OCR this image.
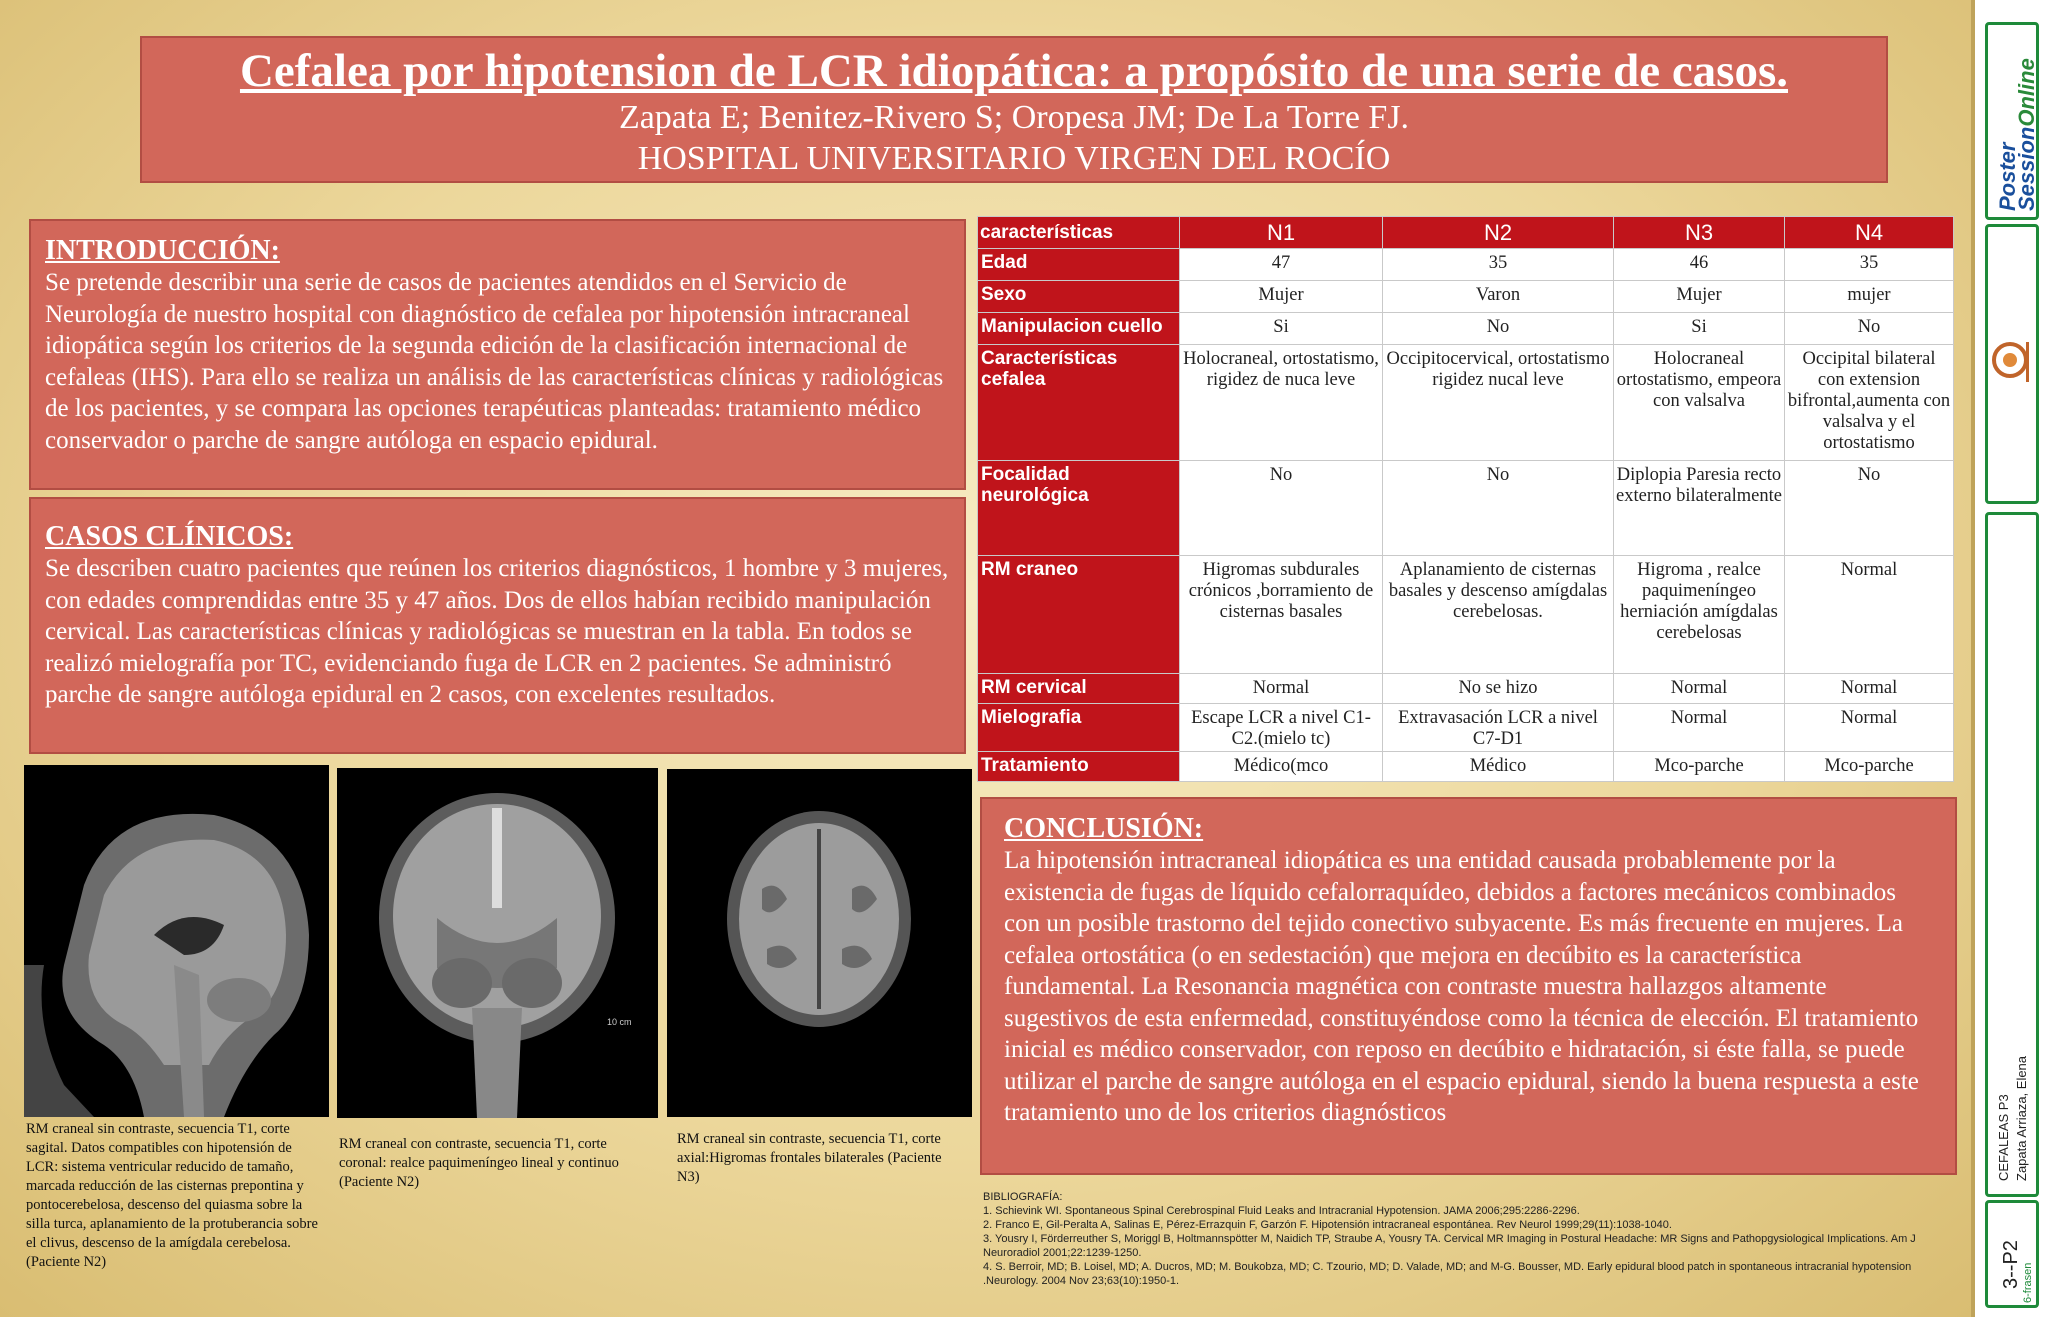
Cefalea por hipotension de LCR idiopática: a propósito de una serie de casos.
Zapata E; Benitez-Rivero S; Oropesa JM; De La Torre FJ.
HOSPITAL UNIVERSITARIO VIRGEN DEL ROCÍO
INTRODUCCIÓN:
Se pretende describir una serie de casos de pacientes atendidos en el Servicio de Neurología de nuestro hospital con diagnóstico de cefalea por hipotensión intracraneal idiopática según los criterios de la segunda edición de la clasificación internacional de cefaleas (IHS). Para ello se realiza un análisis de las características clínicas y radiológicas de los pacientes, y se compara las opciones terapéuticas planteadas: tratamiento médico conservador o parche de sangre autóloga en espacio epidural.
CASOS CLÍNICOS:
Se describen cuatro pacientes que reúnen los criterios diagnósticos, 1 hombre y 3 mujeres, con edades comprendidas entre 35 y 47 años. Dos de ellos habían recibido manipulación cervical. Las características clínicas y radiológicas se muestran en la tabla. En todos se realizó mielografía por TC, evidenciando fuga de LCR en 2 pacientes. Se administró parche de sangre autóloga epidural en 2 casos, con excelentes resultados.
características	N1	N2	N3	N4
Edad	47	35	46	35
Sexo	Mujer	Varon	Mujer	mujer
Manipulacion cuello	Si	No	Si	No
Características cefalea	Holocraneal, ortostatismo, rigidez de nuca leve	Occipitocervical, ortostatismo rigidez nucal leve	Holocraneal ortostatismo, empeora con valsalva	Occipital bilateral con extension bifrontal,aumenta con valsalva y el ortostatismo
Focalidad neurológica	No	No	Diplopia Paresia recto externo bilateralmente	No
RM craneo	Higromas subdurales crónicos ,borramiento de cisternas basales	Aplanamiento de cisternas basales y descenso amígdalas cerebelosas.	Higroma , realce paquimeníngeo herniación amígdalas cerebelosas	Normal
RM cervical	Normal	No se hizo	Normal	Normal
Mielografia	Escape LCR a nivel C1-C2.(mielo tc)	Extravasación LCR a nivel C7-D1	Normal	Normal
Tratamiento	Médico(mco	Médico	Mco-parche	Mco-parche
CONCLUSIÓN:
La hipotensión intracraneal idiopática es una entidad causada probablemente por la existencia de fugas de líquido cefalorraquídeo, debidos a factores mecánicos combinados con un posible trastorno del tejido conectivo subyacente. Es más frecuente en mujeres. La cefalea ortostática (o en sedestación) que mejora en decúbito es la característica fundamental. La Resonancia magnética con contraste muestra hallazgos altamente sugestivos de esta enfermedad, constituyéndose como la técnica de elección. El tratamiento inicial es médico conservador, con reposo en decúbito e hidratación, si éste falla, se puede utilizar el parche de sangre autóloga en el espacio epidural, siendo la buena respuesta a este tratamiento uno de los criterios diagnósticos
10 cm
RM craneal sin contraste, secuencia T1, corte sagital. Datos compatibles con hipotensión de LCR: sistema ventricular reducido de tamaño, marcada reducción de las cisternas prepontina y pontocerebelosa, descenso del quiasma sobre la silla turca, aplanamiento de la protuberancia sobre el clivus, descenso de la amígdala cerebelosa.(Paciente N2)
RM craneal con contraste, secuencia T1, corte coronal: realce paquimeníngeo lineal y continuo (Paciente N2)
RM craneal sin contraste, secuencia T1, corte axial:Higromas frontales bilaterales (Paciente N3)
BIBLIOGRAFÍA:
1. Schievink WI. Spontaneous Spinal Cerebrospinal Fluid Leaks and Intracranial Hypotension. JAMA 2006;295:2286-2296.
2. Franco E, Gil-Peralta A, Salinas E, Pérez-Errazquin F, Garzón F. Hipotensión intracraneal espontánea. Rev Neurol 1999;29(11):1038-1040.
3. Yousry I, Förderreuther S, Moriggl B, Holtmannspötter M, Naidich TP, Straube A, Yousry TA. Cervical MR Imaging in Postural Headache: MR Signs and Pathopgysiological Implications. Am J Neuroradiol 2001;22:1239-1250.
4. S. Berroir, MD; B. Loisel, MD; A. Ducros, MD; M. Boukobza, MD; C. Tzourio, MD; D. Valade, MD; and M-G. Bousser, MD. Early epidural blood patch in spontaneous intracranial hypotension .Neurology. 2004 Nov 23;63(10):1950-1.
Poster
SessionOnline
CEFALEAS P3 Zapata Arriaza, Elena
3--P2 6-frasen
